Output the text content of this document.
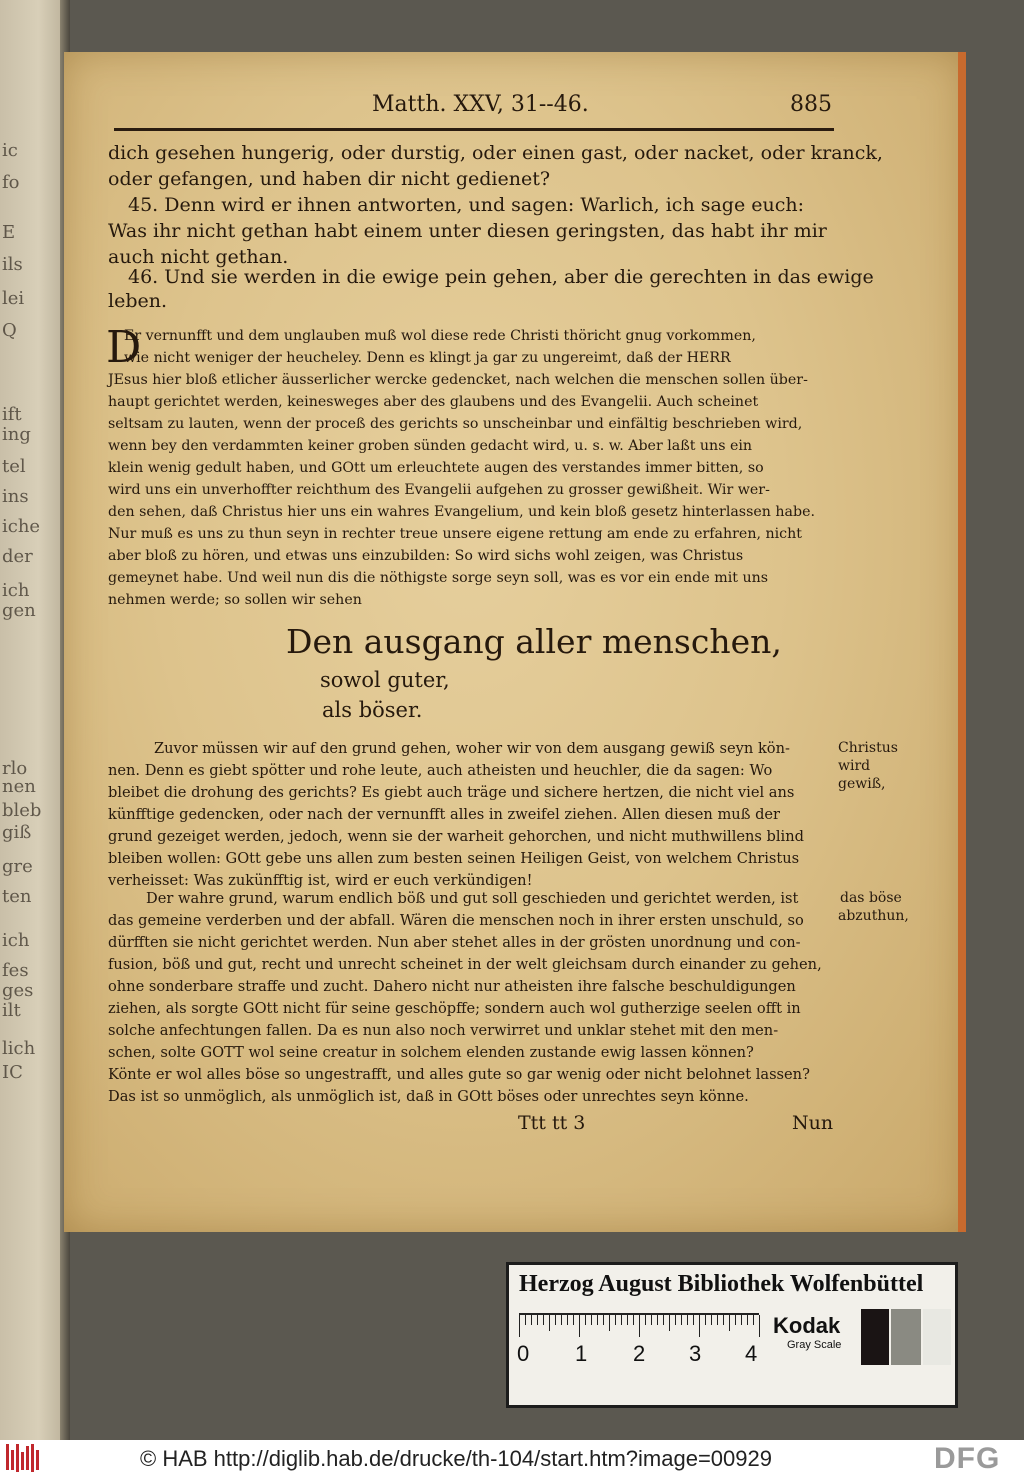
ic
fo
E
ils
lei
Q
ift
ing
tel
ins
iche
der
ich
gen
rlo
nen
bleb
giß
gre
ten
ich
fes
ges
ilt
lich
IC
Matth. XXV, 31--46.	885
dich gesehen hungerig, oder durstig, oder einen gast, oder nacket, oder kranck,
oder gefangen, und haben dir nicht gedienet?
45. Denn wird er ihnen antworten, und sagen: Warlich, ich sage euch:
Was ihr nicht gethan habt einem unter diesen geringsten, das habt ihr mir
auch nicht gethan.
46. Und sie werden in die ewige pein gehen, aber die gerechten in das ewige
leben.
D
Er vernunfft und dem unglauben muß wol diese rede Christi thöricht gnug vorkommen,
wie nicht weniger der heucheley. Denn es klingt ja gar zu ungereimt, daß der HERR
JEsus hier bloß etlicher äusserlicher wercke gedencket, nach welchen die menschen sollen über-
haupt gerichtet werden, keinesweges aber des glaubens und des Evangelii. Auch scheinet
seltsam zu lauten, wenn der proceß des gerichts so unscheinbar und einfältig beschrieben wird,
wenn bey den verdammten keiner groben sünden gedacht wird, u. s. w. Aber laßt uns ein
klein wenig gedult haben, und GOtt um erleuchtete augen des verstandes immer bitten, so
wird uns ein unverhoffter reichthum des Evangelii aufgehen zu grosser gewißheit. Wir wer-
den sehen, daß Christus hier uns ein wahres Evangelium, und kein bloß gesetz hinterlassen habe.
Nur muß es uns zu thun seyn in rechter treue unsere eigene rettung am ende zu erfahren, nicht
aber bloß zu hören, und etwas uns einzubilden: So wird sichs wohl zeigen, was Christus
gemeynet habe. Und weil nun dis die nöthigste sorge seyn soll, was es vor ein ende mit uns
nehmen werde; so sollen wir sehen
Den ausgang aller menschen,
sowol guter,
als böser.
Zuvor müssen wir auf den grund gehen, woher wir von dem ausgang gewiß seyn kön-
nen. Denn es giebt spötter und rohe leute, auch atheisten und heuchler, die da sagen: Wo
bleibet die drohung des gerichts? Es giebt auch träge und sichere hertzen, die nicht viel ans
künfftige gedencken, oder nach der vernunfft alles in zweifel ziehen. Allen diesen muß der
grund gezeiget werden, jedoch, wenn sie der warheit gehorchen, und nicht muthwillens blind
bleiben wollen: GOtt gebe uns allen zum besten seinen Heiligen Geist, von welchem Christus
verheisset: Was zukünfftig ist, wird er euch verkündigen!
Der wahre grund, warum endlich böß und gut soll geschieden und gerichtet werden, ist
das gemeine verderben und der abfall. Wären die menschen noch in ihrer ersten unschuld, so
dürfften sie nicht gerichtet werden. Nun aber stehet alles in der grösten unordnung und con-
fusion, böß und gut, recht und unrecht scheinet in der welt gleichsam durch einander zu gehen,
ohne sonderbare straffe und zucht. Dahero nicht nur atheisten ihre falsche beschuldigungen
ziehen, als sorgte GOtt nicht für seine geschöpffe; sondern auch wol gutherzige seelen offt in
solche anfechtungen fallen. Da es nun also noch verwirret und unklar stehet mit den men-
schen, solte GOTT wol seine creatur in solchem elenden zustande ewig lassen können?
Könte er wol alles böse so ungestrafft, und alles gute so gar wenig oder nicht belohnet lassen?
Das ist so unmöglich, als unmöglich ist, daß in GOtt böses oder unrechtes seyn könne.
Christus
wird
gewiß,
das böse
abzuthun,
Ttt tt 3	Nun
Herzog August Bibliothek Wolfenbüttel
0 1 2 3 4
Kodak
Gray Scale
© HAB http://diglib.hab.de/drucke/th-104/start.htm?image=00929	DFG
